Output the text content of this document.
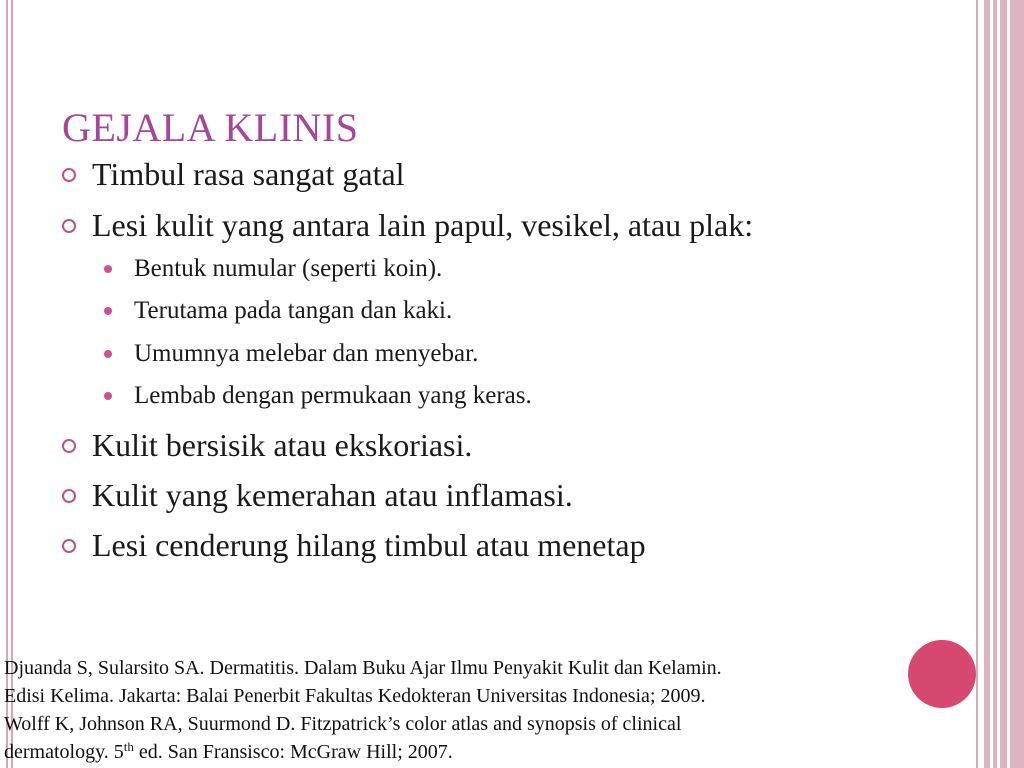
GEJALA KLINIS
Timbul rasa sangat gatal
Lesi kulit yang antara lain papul, vesikel, atau plak:
Bentuk numular (seperti koin).
Terutama pada tangan dan kaki.
Umumnya melebar dan menyebar.
Lembab dengan permukaan yang keras.
Kulit bersisik atau ekskoriasi.
Kulit yang kemerahan atau inflamasi.
Lesi cenderung hilang timbul atau menetap
Djuanda S, Sularsito SA. Dermatitis. Dalam Buku Ajar Ilmu Penyakit Kulit dan Kelamin.
Edisi Kelima. Jakarta: Balai Penerbit Fakultas Kedokteran Universitas Indonesia; 2009.
Wolff K, Johnson RA, Suurmond D. Fitzpatrick’s color atlas and synopsis of clinical
dermatology. 5th ed. San Fransisco: McGraw Hill; 2007.
